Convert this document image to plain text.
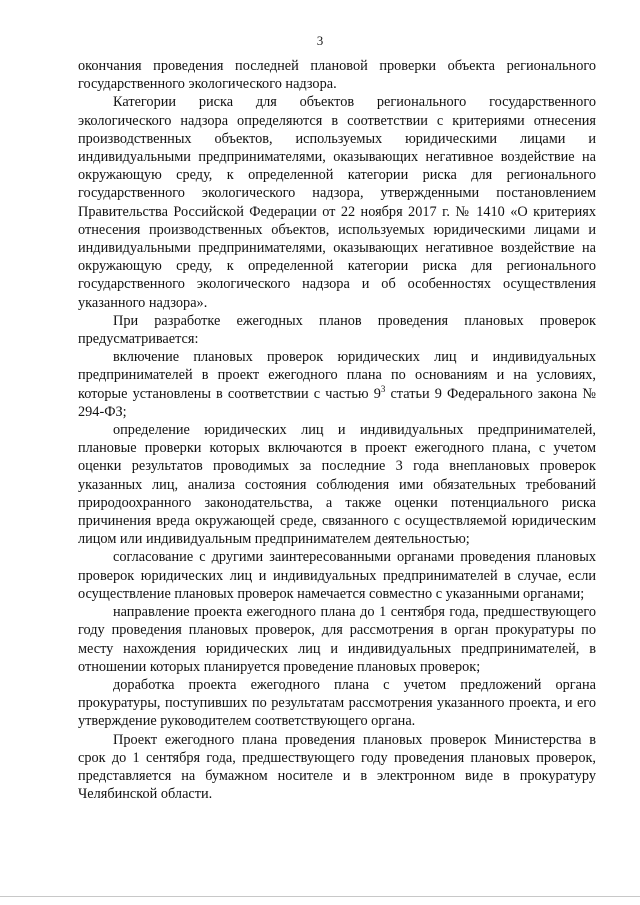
3

окончания проведения последней плановой проверки объекта регионального государственного экологического надзора.

Категории риска для объектов регионального государственного экологического надзора определяются в соответствии с критериями отнесения производственных объектов, используемых юридическими лицами и индивидуальными предпринимателями, оказывающих негативное воздействие на окружающую среду, к определенной категории риска для регионального государственного экологического надзора, утвержденными постановлением Правительства Российской Федерации от 22 ноября 2017 г. № 1410 «О критериях отнесения производственных объектов, используемых юридическими лицами и индивидуальными предпринимателями, оказывающих негативное воздействие на окружающую среду, к определенной категории риска для регионального государственного экологического надзора и об особенностях осуществления указанного надзора».

При разработке ежегодных планов проведения плановых проверок предусматривается:

включение плановых проверок юридических лиц и индивидуальных предпринимателей в проект ежегодного плана по основаниям и на условиях, которые установлены в соответствии с частью $9^3$ статьи 9 Федерального закона № 294-ФЗ;

определение юридических лиц и индивидуальных предпринимателей, плановые проверки которых включаются в проект ежегодного плана, с учетом оценки результатов проводимых за последние 3 года внеплановых проверок указанных лиц, анализа состояния соблюдения ими обязательных требований природоохранного законодательства, а также оценки потенциального риска причинения вреда окружающей среде, связанного с осуществляемой юридическим лицом или индивидуальным предпринимателем деятельностью;

согласование с другими заинтересованными органами проведения плановых проверок юридических лиц и индивидуальных предпринимателей в случае, если осуществление плановых проверок намечается совместно с указанными органами;

направление проекта ежегодного плана до 1 сентября года, предшествующего году проведения плановых проверок, для рассмотрения в орган прокуратуры по месту нахождения юридических лиц и индивидуальных предпринимателей, в отношении которых планируется проведение плановых проверок;

доработка проекта ежегодного плана с учетом предложений органа прокуратуры, поступивших по результатам рассмотрения указанного проекта, и его утверждение руководителем соответствующего органа.

Проект ежегодного плана проведения плановых проверок Министерства в срок до 1 сентября года, предшествующего году проведения плановых проверок, представляется на бумажном носителе и в электронном виде в прокуратуру Челябинской области.
